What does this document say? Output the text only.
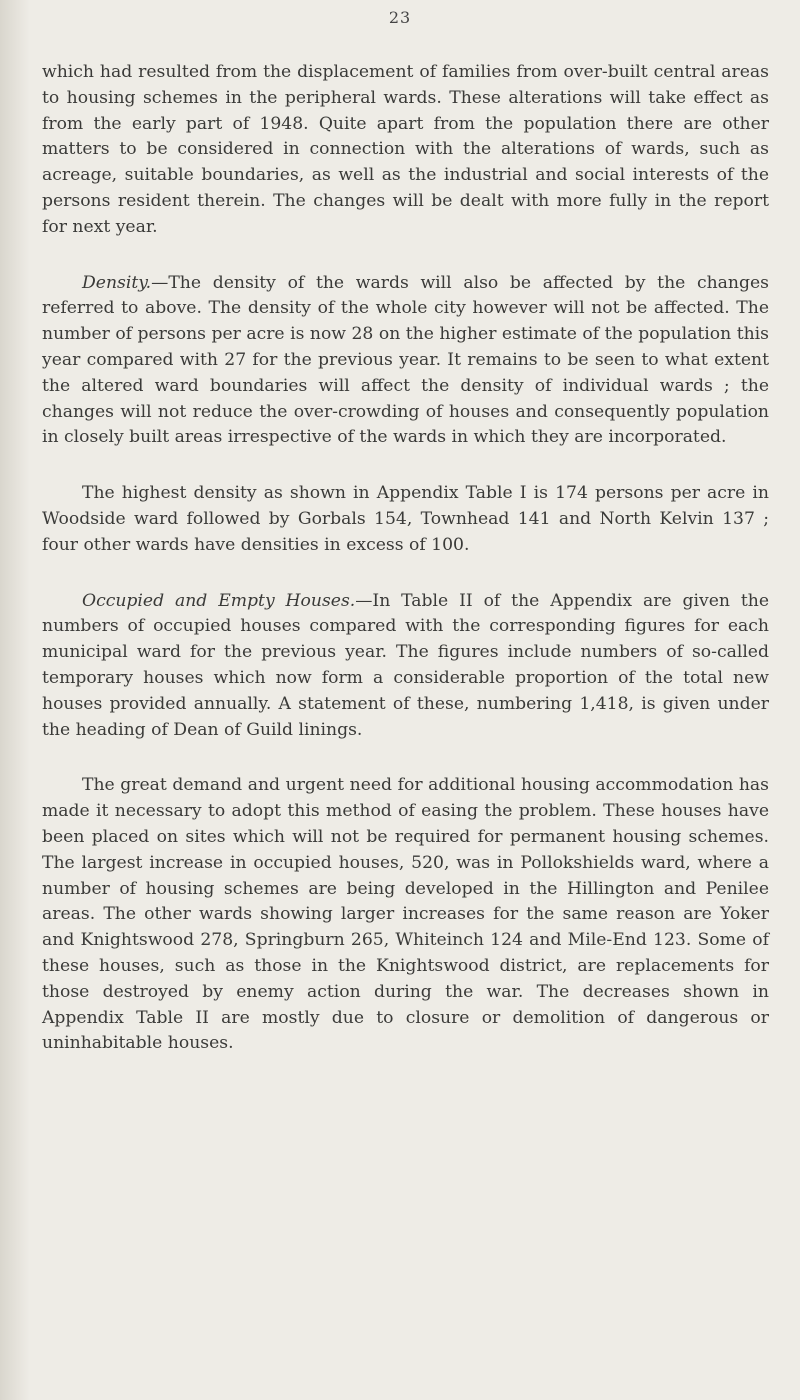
23

which had resulted from the displacement of families from over-built central areas to housing schemes in the peripheral wards. These alterations will take effect as from the early part of 1948. Quite apart from the population there are other matters to be considered in connection with the alterations of wards, such as acreage, suitable boundaries, as well as the industrial and social interests of the persons resident therein. The changes will be dealt with more fully in the report for next year.

Density.—The density of the wards will also be affected by the changes referred to above. The density of the whole city however will not be affected. The number of persons per acre is now 28 on the higher estimate of the population this year compared with 27 for the previous year. It remains to be seen to what extent the altered ward boundaries will affect the density of individual wards ; the changes will not reduce the over-crowding of houses and consequently population in closely built areas irrespective of the wards in which they are incorporated.

The highest density as shown in Appendix Table I is 174 persons per acre in Woodside ward followed by Gorbals 154, Townhead 141 and North Kelvin 137 ; four other wards have densities in excess of 100.

Occupied and Empty Houses.—In Table II of the Appendix are given the numbers of occupied houses compared with the corresponding figures for each municipal ward for the previous year. The figures include numbers of so-called temporary houses which now form a considerable proportion of the total new houses provided annually. A statement of these, numbering 1,418, is given under the heading of Dean of Guild linings.

The great demand and urgent need for additional housing accommodation has made it necessary to adopt this method of easing the problem. These houses have been placed on sites which will not be required for permanent housing schemes. The largest increase in occupied houses, 520, was in Pollokshields ward, where a number of housing schemes are being developed in the Hillington and Penilee areas. The other wards showing larger increases for the same reason are Yoker and Knightswood 278, Springburn 265, Whiteinch 124 and Mile-End 123. Some of these houses, such as those in the Knightswood district, are replacements for those destroyed by enemy action during the war. The decreases shown in Appendix Table II are mostly due to closure or demolition of dangerous or uninhabitable houses.
